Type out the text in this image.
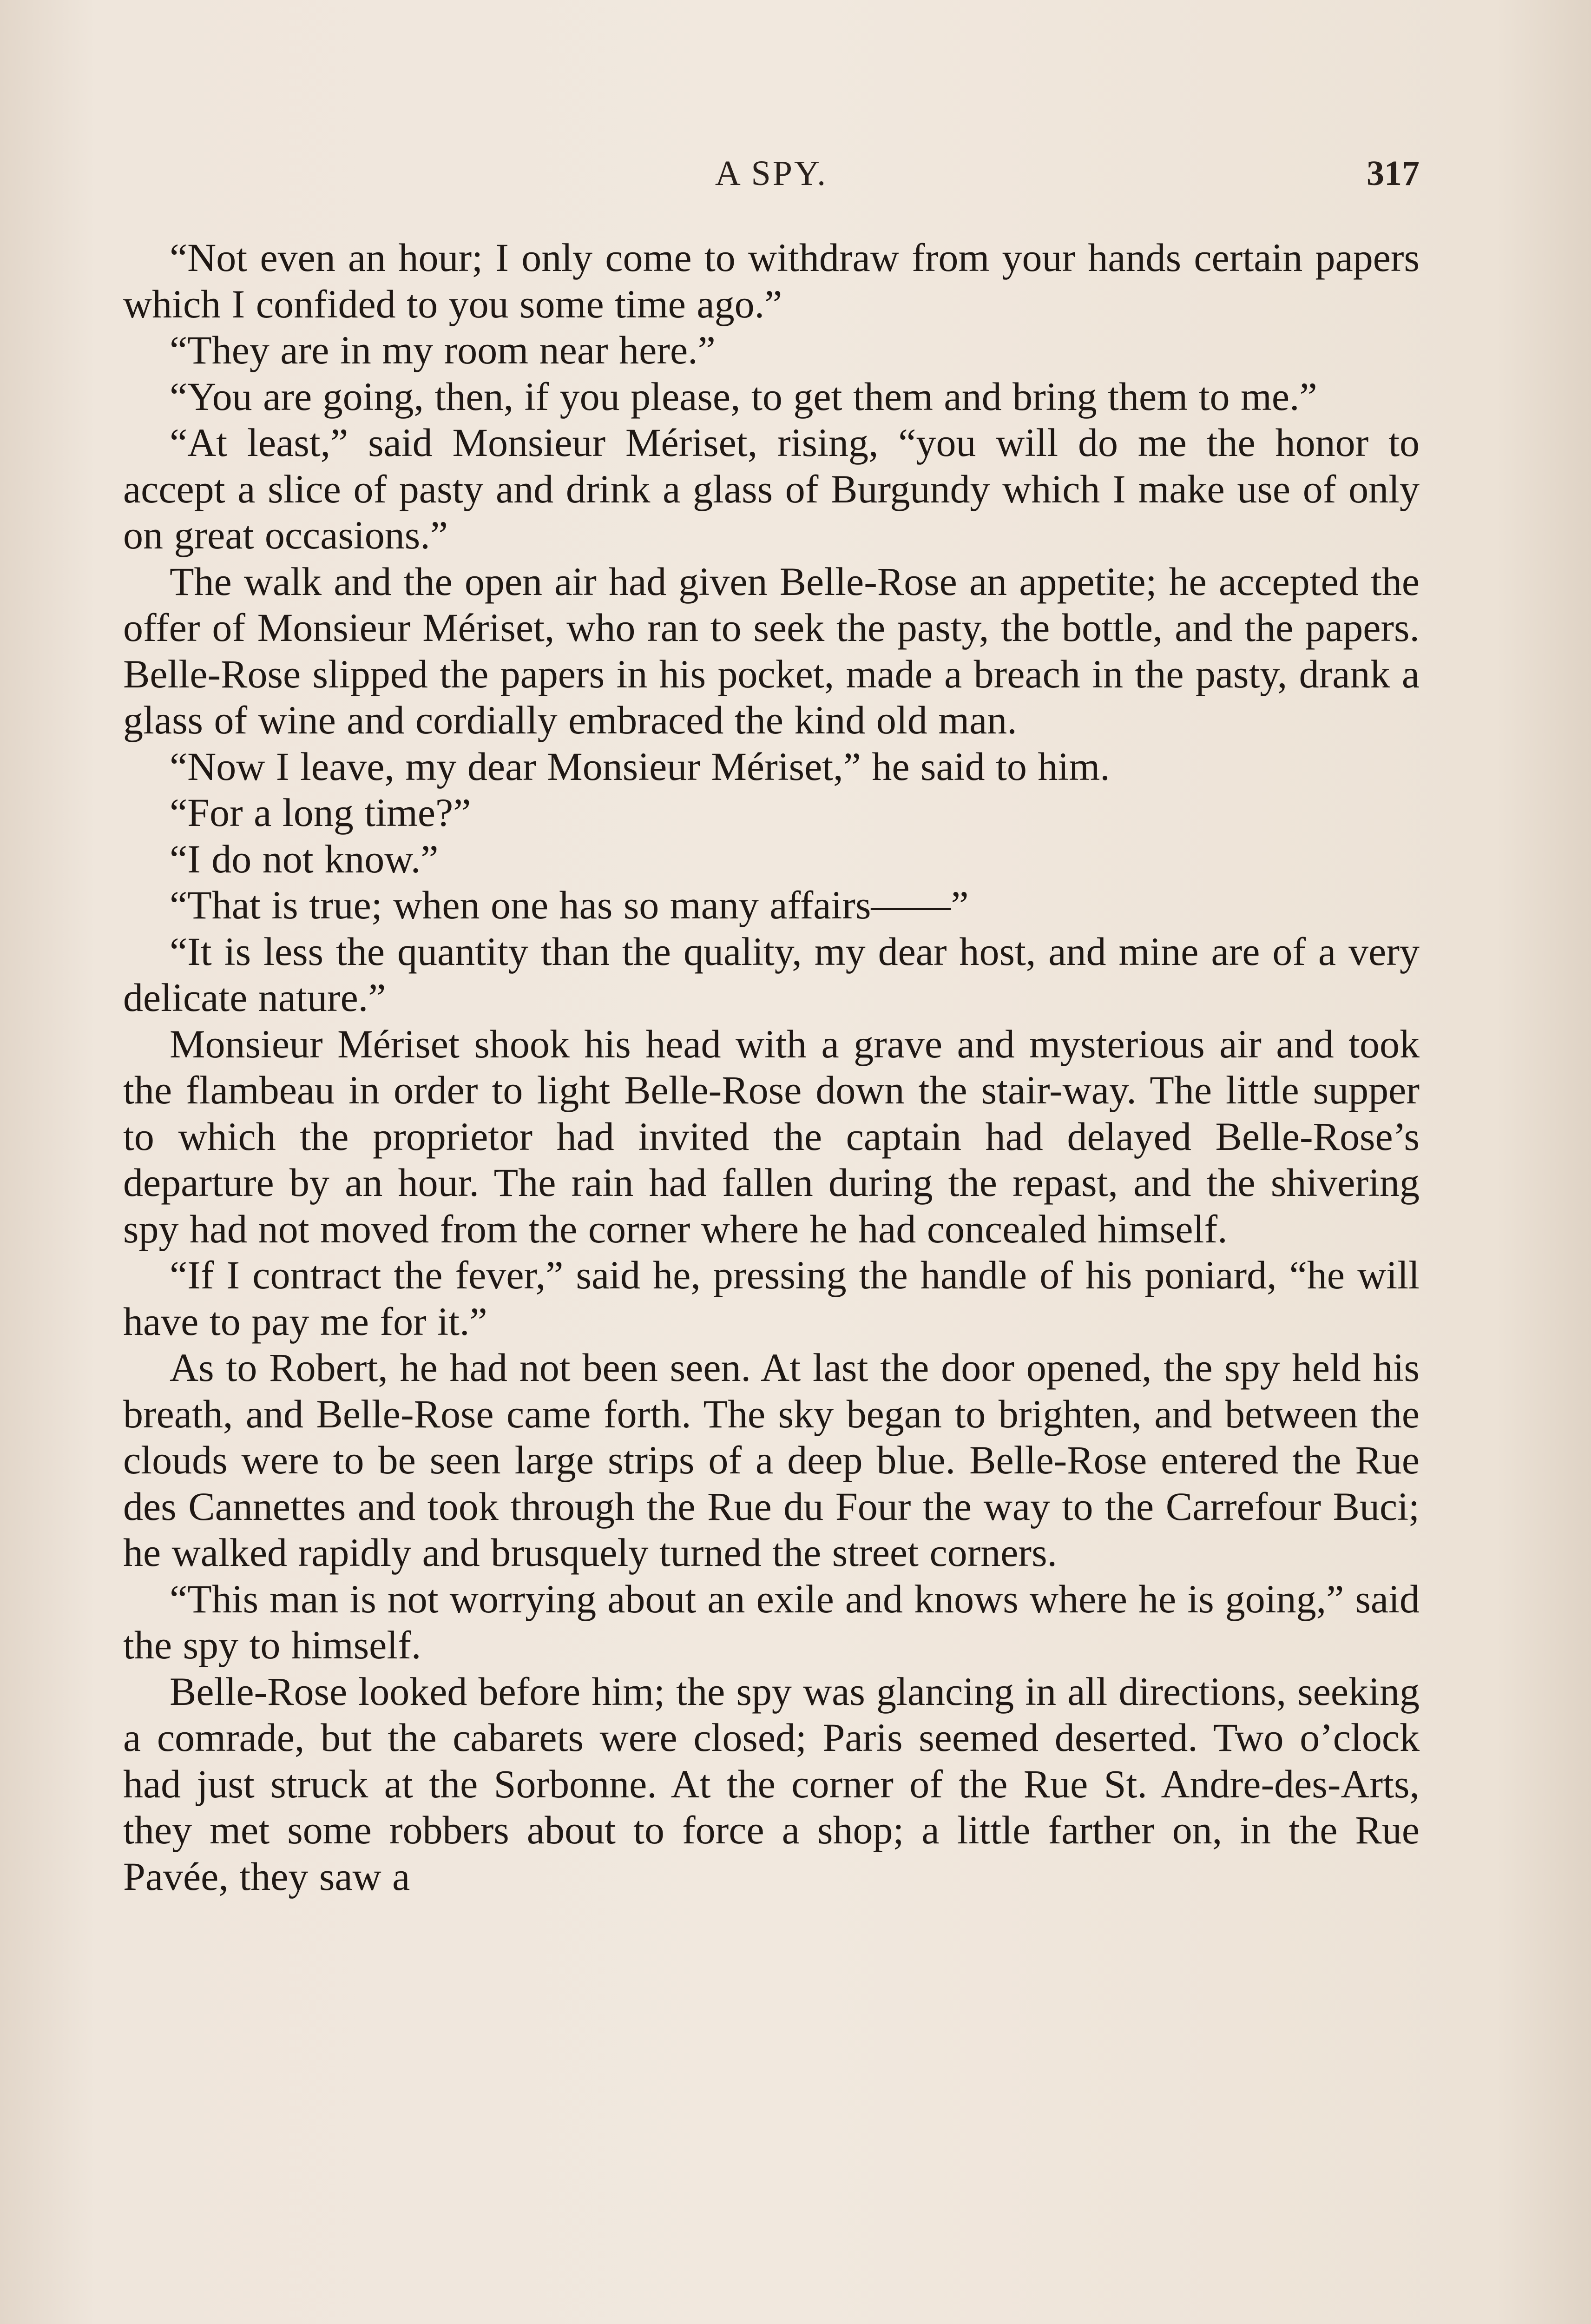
A SPY.	317

“Not even an hour; I only come to withdraw from your hands certain papers which I confided to you some time ago.”

“They are in my room near here.”

“You are going, then, if you please, to get them and bring them to me.”

“At least,” said Monsieur Mériset, rising, “you will do me the honor to accept a slice of pasty and drink a glass of Burgundy which I make use of only on great occasions.”

The walk and the open air had given Belle-Rose an appetite; he accepted the offer of Monsieur Mériset, who ran to seek the pasty, the bottle, and the papers. Belle-Rose slipped the papers in his pocket, made a breach in the pasty, drank a glass of wine and cordially embraced the kind old man.

“Now I leave, my dear Monsieur Mériset,” he said to him.

“For a long time?”

“I do not know.”

“That is true; when one has so many affairs——”

“It is less the quantity than the quality, my dear host, and mine are of a very delicate nature.”

Monsieur Mériset shook his head with a grave and mysterious air and took the flambeau in order to light Belle-Rose down the stair-way. The little supper to which the proprietor had invited the captain had delayed Belle-Rose’s departure by an hour. The rain had fallen during the repast, and the shivering spy had not moved from the corner where he had concealed himself.

“If I contract the fever,” said he, pressing the handle of his poniard, “he will have to pay me for it.”

As to Robert, he had not been seen. At last the door opened, the spy held his breath, and Belle-Rose came forth. The sky began to brighten, and between the clouds were to be seen large strips of a deep blue. Belle-Rose entered the Rue des Cannettes and took through the Rue du Four the way to the Carrefour Buci; he walked rapidly and brusquely turned the street corners.

“This man is not worrying about an exile and knows where he is going,” said the spy to himself.

Belle-Rose looked before him; the spy was glancing in all directions, seeking a comrade, but the cabarets were closed; Paris seemed deserted. Two o’clock had just struck at the Sorbonne. At the corner of the Rue St. Andre-des-Arts, they met some robbers about to force a shop; a little farther on, in the Rue Pavée, they saw a
